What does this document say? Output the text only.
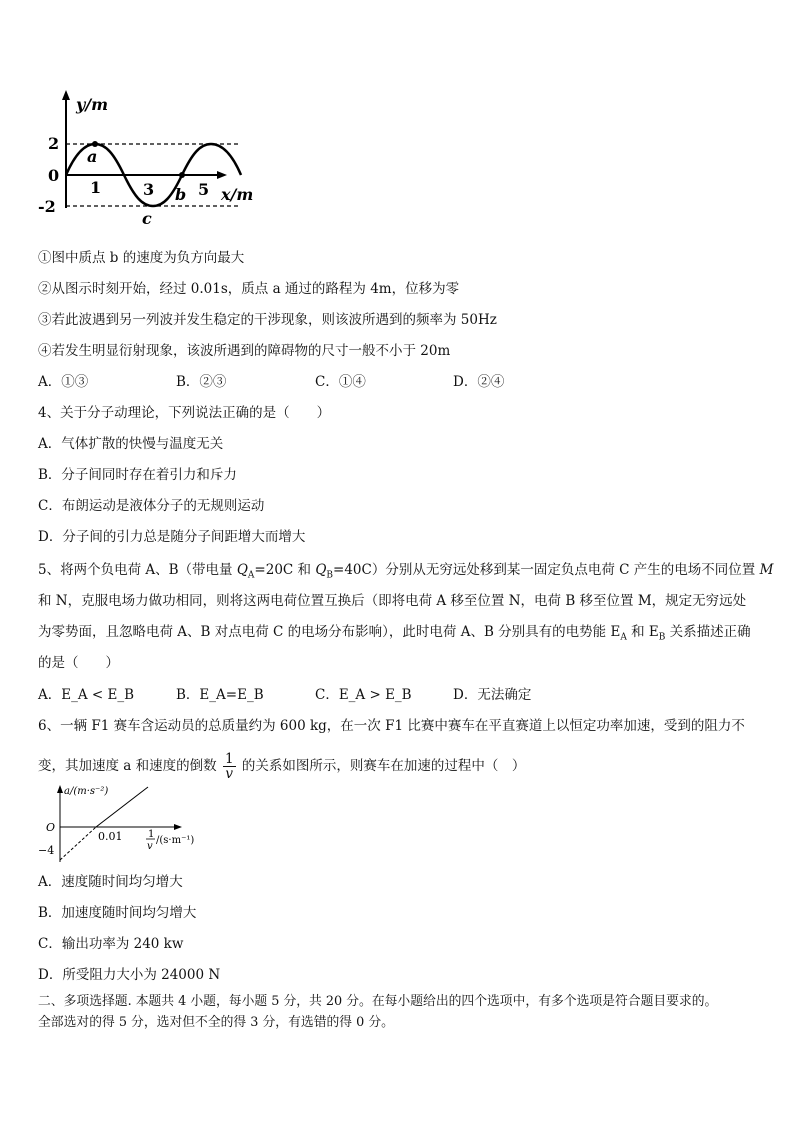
y/m
x/m
2
0
-2
1	3	5
a
b
c
①图中质点 b 的速度为负方向最大
②从图示时刻开始，经过 0.01s，质点 a 通过的路程为 4m，位移为零
③若此波遇到另一列波并发生稳定的干涉现象，则该波所遇到的频率为 50Hz
④若发生明显衍射现象，该波所遇到的障碍物的尺寸一般不小于 20m
A．①③	B．②③	C．①④	D．②④
4、关于分子动理论，下列说法正确的是（　　）
A．气体扩散的快慢与温度无关
B．分子间同时存在着引力和斥力
C．布朗运动是液体分子的无规则运动
D．分子间的引力总是随分子间距增大而增大
5、将两个负电荷 A、B（带电量 $Q_A=20C$ 和 $Q_B=40C$）分别从无穷远处移到某一固定负点电荷 C 产生的电场不同位置 M
和 N，克服电场力做功相同，则将这两电荷位置互换后（即将电荷 A 移至位置 N，电荷 B 移至位置 M，规定无穷远处
为零势面，且忽略电荷 A、B 对点电荷 C 的电场分布影响），此时电荷 A、B 分别具有的电势能 $E_A$ 和 $E_B$ 关系描述正确
的是（　　）
A．E_A < E_B	B．E_A=E_B	C．E_A > E_B	D．无法确定
6、一辆 F1 赛车含运动员的总质量约为 600 kg，在一次 F1 比赛中赛车在平直赛道上以恒定功率加速，受到的阻力不
变，其加速度 a 和速度的倒数 $\frac{1}{v}$ 的关系如图所示，则赛车在加速的过程中（　）
a/(m·s⁻²)
O
−4
0.01	1
v
/(s·m⁻¹)
A．速度随时间均匀增大
B．加速度随时间均匀增大
C．输出功率为 240 kw
D．所受阻力大小为 24000 N
二、多项选择题. 本题共 4 小题，每小题 5 分，共 20 分。在每小题给出的四个选项中，有多个选项是符合题目要求的。
全部选对的得 5 分，选对但不全的得 3 分，有选错的得 0 分。
